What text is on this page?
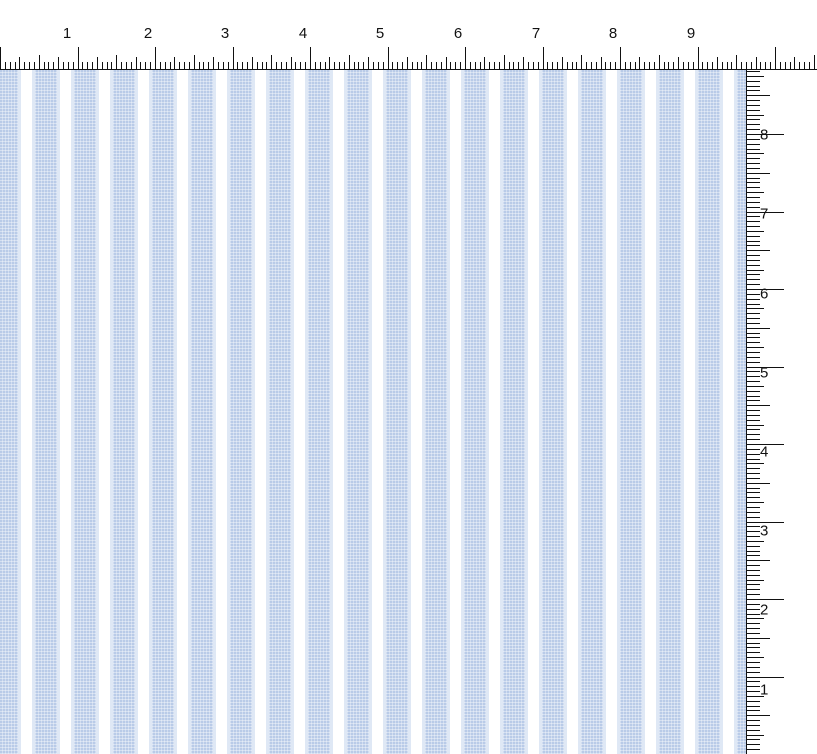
1	2	3	4	5	6	7	8	9
1
2
3
4
5
6
7
8
